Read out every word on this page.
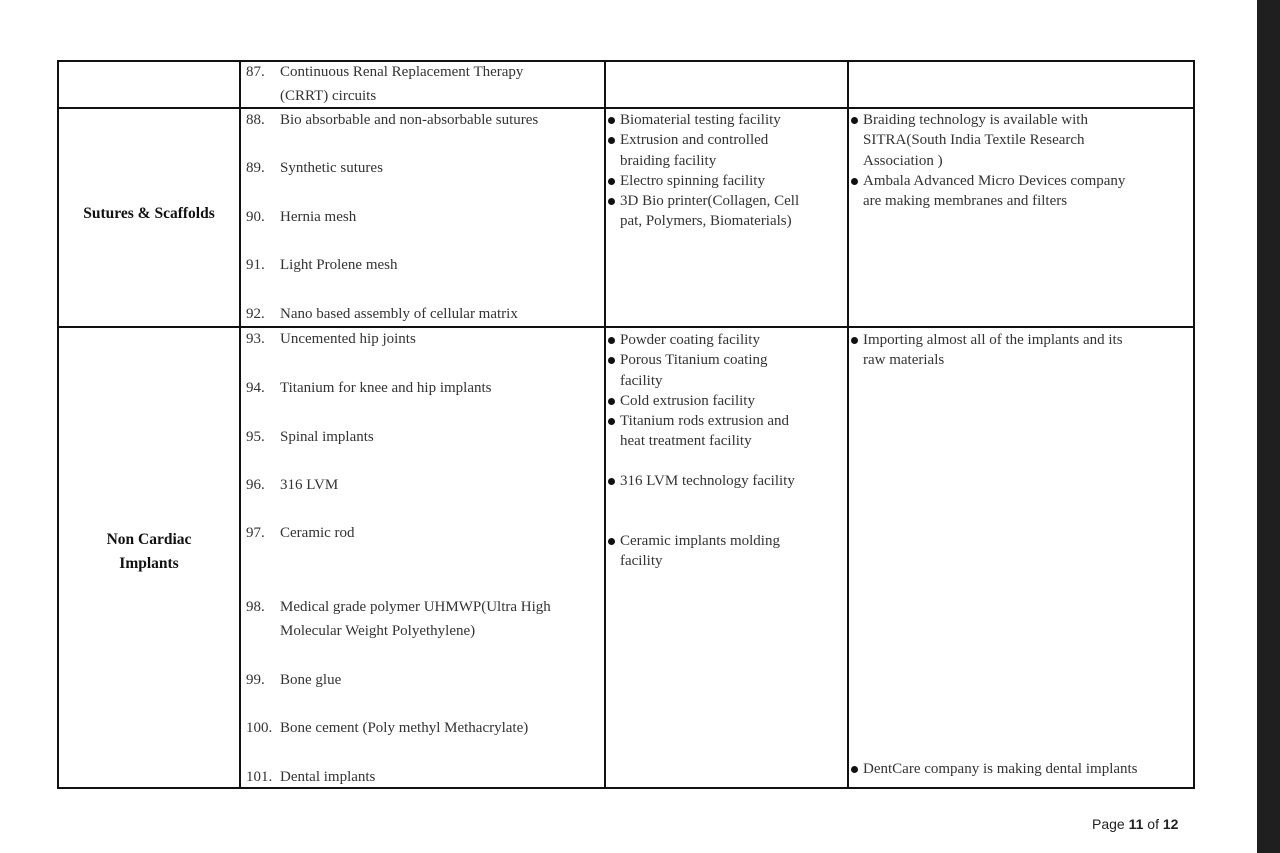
87. Continuous Renal Replacement Therapy
(CRRT) circuits
Sutures & Scaffolds
88. Bio absorbable and non-absorbable sutures
89. Synthetic sutures
90. Hernia mesh
91. Light Prolene mesh
92. Nano based assembly of cellular matrix
Biomaterial testing facility
Extrusion and controlled
braiding facility
Electro spinning facility
3D Bio printer(Collagen, Cell
pat, Polymers, Biomaterials)
Braiding technology is available with
SITRA(South India Textile Research
Association )
Ambala Advanced Micro Devices company
are making membranes and filters
Non Cardiac
Implants
93. Uncemented hip joints
94. Titanium for knee and hip implants
95. Spinal implants
96. 316 LVM
97. Ceramic rod
98. Medical grade polymer UHMWP(Ultra High
Molecular Weight Polyethylene)
99. Bone glue
100. Bone cement (Poly methyl Methacrylate)
101. Dental implants
Powder coating facility
Porous Titanium coating
facility
Cold extrusion facility
Titanium rods extrusion and
heat treatment facility
316 LVM technology facility
Ceramic implants molding
facility
Importing almost all of the implants and its
raw materials
DentCare company is making dental implants
Page 11 of 12
